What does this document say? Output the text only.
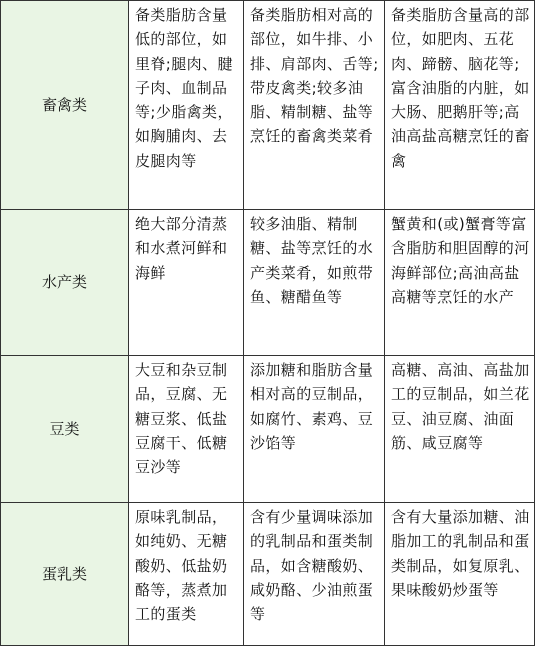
畜禽类	备类脂肪含量低的部位，如里脊;腿肉、腱子肉、血制品等;少脂禽类，如胸脯肉、去皮腿肉等	备类脂肪相对高的部位，如牛排、小排、肩部肉、舌等;带皮禽类;较多油脂、精制糖、盐等烹饪的畜禽类菜肴	备类脂肪含量高的部位，如肥肉、五花肉、蹄髈、脑花等;富含油脂的内脏，如大肠、肥鹅肝等;高油高盐高糖烹饪的畜禽
水产类	绝大部分清蒸和水煮河鲜和海鲜	较多油脂、精制糖、盐等烹饪的水产类菜肴，如煎带鱼、糖醋鱼等	蟹黄和(或)蟹膏等富含脂肪和胆固醇的河海鲜部位;高油高盐高糖等烹饪的水产
豆类	大豆和杂豆制品，豆腐、无糖豆浆、低盐豆腐干、低糖豆沙等	添加糖和脂肪含量相对高的豆制品，如腐竹、素鸡、豆沙馅等	高糖、高油、高盐加工的豆制品，如兰花豆、油豆腐、油面筋、咸豆腐等
蛋乳类	原味乳制品，如纯奶、无糖酸奶、低盐奶酪等，蒸煮加工的蛋类	含有少量调味添加的乳制品和蛋类制品，如含糖酸奶、咸奶酪、少油煎蛋等	含有大量添加糖、油脂加工的乳制品和蛋类制品，如复原乳、果味酸奶炒蛋等
